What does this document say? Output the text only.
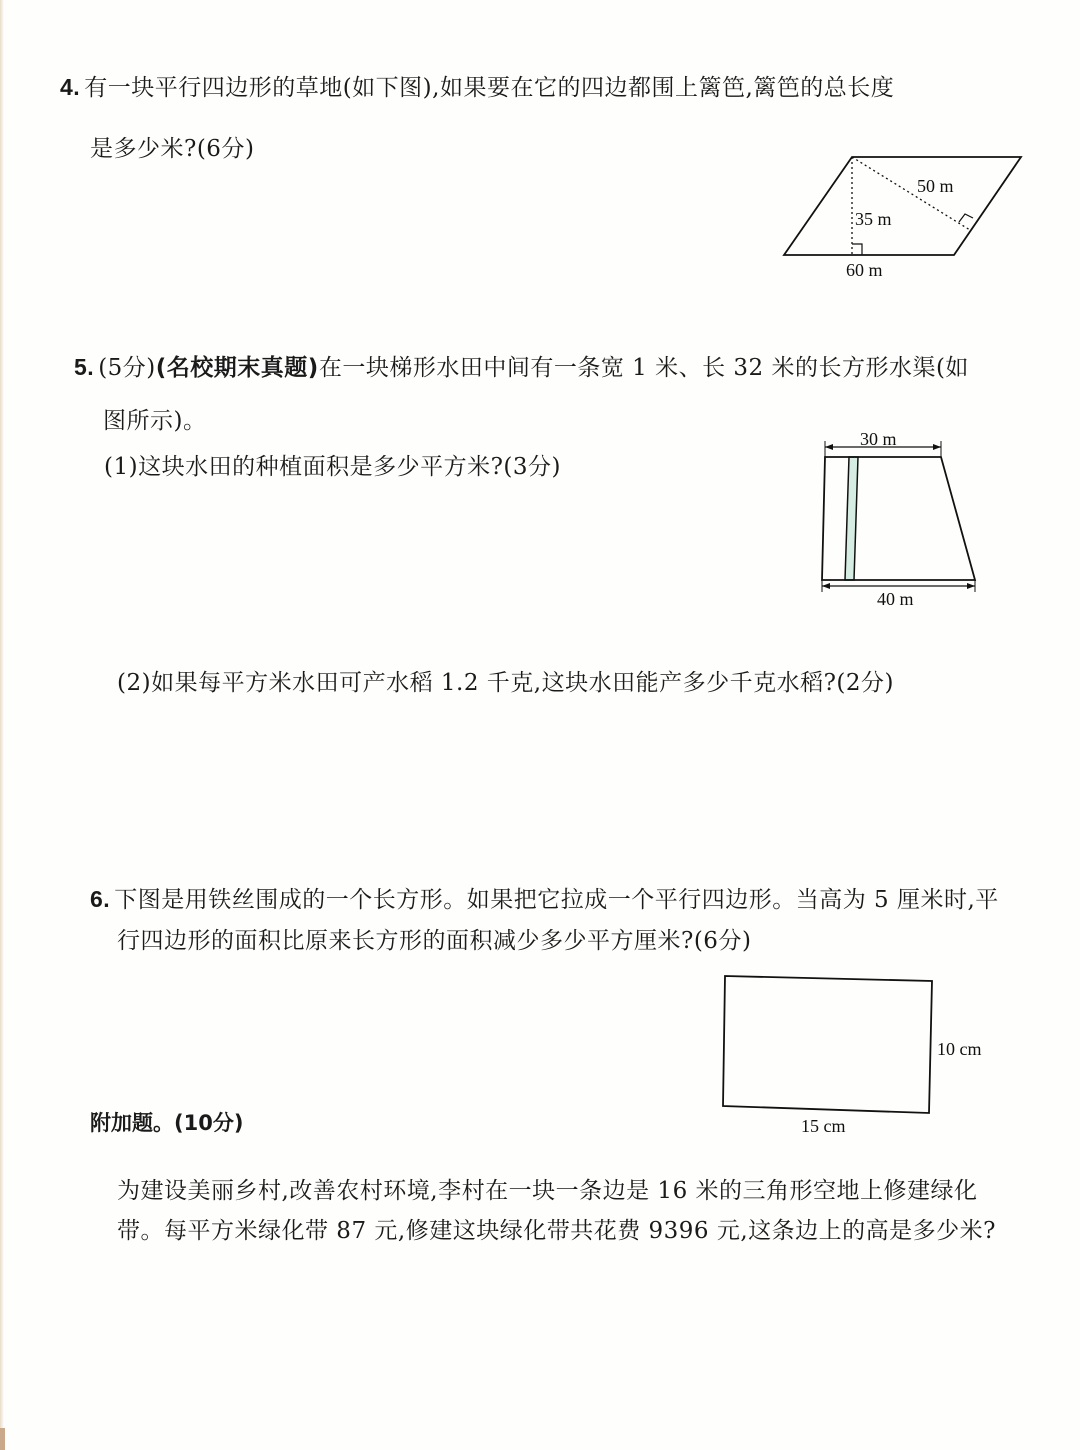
4. 有一块平行四边形的草地(如下图),如果要在它的四边都围上篱笆,篱笆的总长度
是多少米?(6分)
50 m
35 m
60 m
5. (5分)(名校期末真题)在一块梯形水田中间有一条宽 1 米、长 32 米的长方形水渠(如
图所示)。
(1)这块水田的种植面积是多少平方米?(3分)
(2)如果每平方米水田可产水稻 1.2 千克,这块水田能产多少千克水稻?(2分)
30 m
40 m
6. 下图是用铁丝围成的一个长方形。如果把它拉成一个平行四边形。当高为 5 厘米时,平
行四边形的面积比原来长方形的面积减少多少平方厘米?(6分)
10 cm
15 cm
附加题。(10分)
为建设美丽乡村,改善农村环境,李村在一块一条边是 16 米的三角形空地上修建绿化
带。每平方米绿化带 87 元,修建这块绿化带共花费 9396 元,这条边上的高是多少米?
